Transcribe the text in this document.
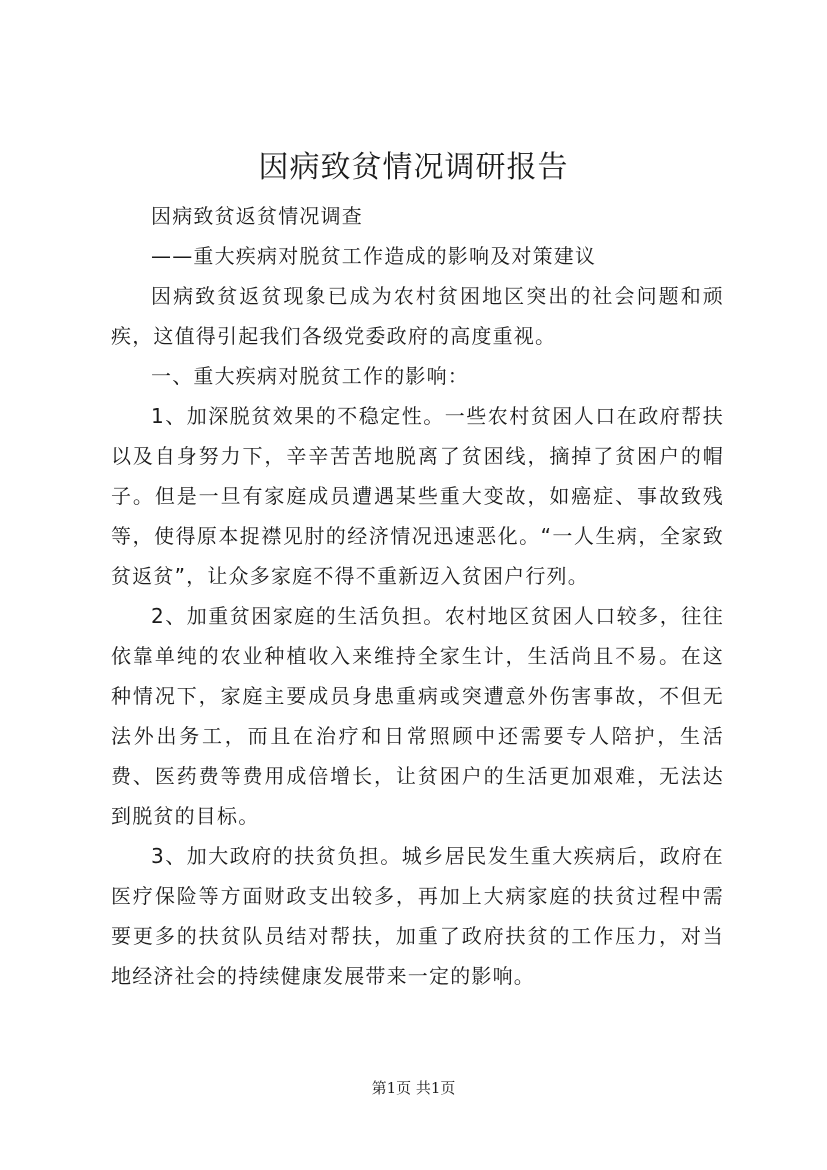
因病致贫情况调研报告

因病致贫返贫情况调查

——重大疾病对脱贫工作造成的影响及对策建议

因病致贫返贫现象已成为农村贫困地区突出的社会问题和顽疾，这值得引起我们各级党委政府的高度重视。

一、重大疾病对脱贫工作的影响：

1、加深脱贫效果的不稳定性。一些农村贫困人口在政府帮扶以及自身努力下，辛辛苦苦地脱离了贫困线，摘掉了贫困户的帽子。但是一旦有家庭成员遭遇某些重大变故，如癌症、事故致残等，使得原本捉襟见肘的经济情况迅速恶化。“一人生病，全家致贫返贫”，让众多家庭不得不重新迈入贫困户行列。

2、加重贫困家庭的生活负担。农村地区贫困人口较多，往往依靠单纯的农业种植收入来维持全家生计，生活尚且不易。在这种情况下，家庭主要成员身患重病或突遭意外伤害事故，不但无法外出务工，而且在治疗和日常照顾中还需要专人陪护，生活费、医药费等费用成倍增长，让贫困户的生活更加艰难，无法达到脱贫的目标。

3、加大政府的扶贫负担。城乡居民发生重大疾病后，政府在医疗保险等方面财政支出较多，再加上大病家庭的扶贫过程中需要更多的扶贫队员结对帮扶，加重了政府扶贫的工作压力，对当地经济社会的持续健康发展带来一定的影响。

第1页 共1页
